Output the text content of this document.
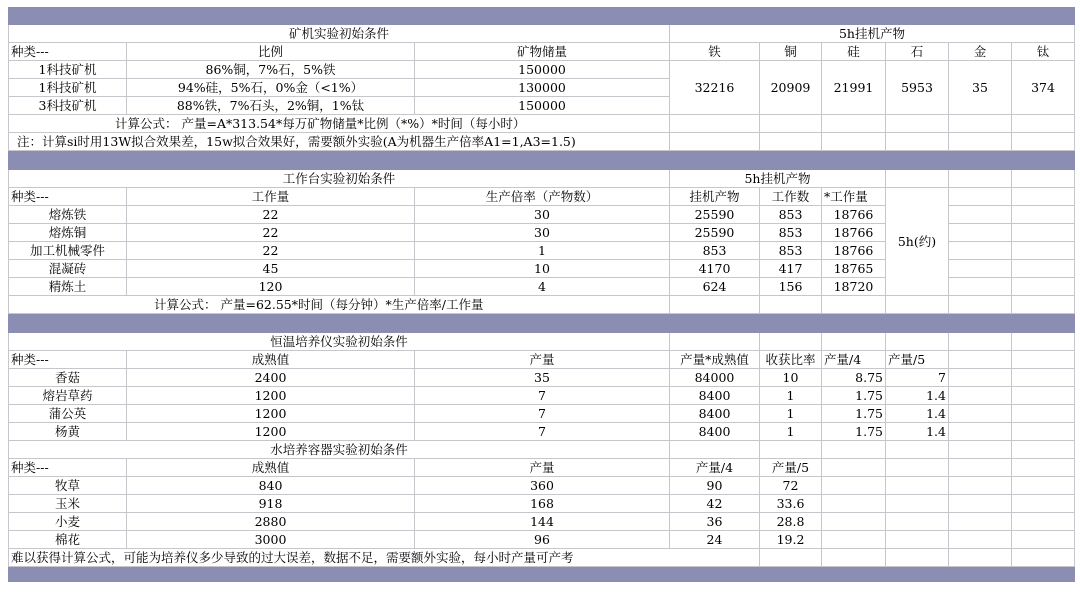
矿机实验初始条件			5h挂机产物					
种类---	比例	矿物储量	铁	铜	硅	石	金	钛
1科技矿机	86%铜，7%石，5%铁	150000	32216	20909	21991	5953	35	374
1科技矿机	94%硅，5%石，0%金（<1%）	130000						
3科技矿机	88%铁，7%石头，2%铜，1%钛	150000						
计算公式： 产量=A*313.54*每万矿物储量*比例（*%）*时间（每小时）								
注：计算si时用13W拟合效果差，15w拟合效果好，需要额外实验(A为机器生产倍率A1=1,A3=1.5)								

工作台实验初始条件			5h挂机产物					
种类---	工作量	生产倍率（产物数）	挂机产物	工作数	*工作量	5h(约)		
熔炼铁	22	30	25590	853	18766			
熔炼铜	22	30	25590	853	18766			
加工机械零件	22	1	853	853	18766			
混凝砖	45	10	4170	417	18765			
精炼土	120	4	624	156	18720			
计算公式： 产量=62.55*时间（每分钟）*生产倍率/工作量								

恒温培养仪实验初始条件								
种类---	成熟值	产量	产量*成熟值	收获比率	产量/4	产量/5		
香菇	2400	35	84000	10	8.75	7		
熔岩草药	1200	7	8400	1	1.75	1.4		
蒲公英	1200	7	8400	1	1.75	1.4		
杨黄	1200	7	8400	1	1.75	1.4		
水培养容器实验初始条件								
种类---	成熟值	产量	产量/4	产量/5				
牧草	840	360	90	72				
玉米	918	168	42	33.6				
小麦	2880	144	36	28.8				
棉花	3000	96	24	19.2				
难以获得计算公式，可能为培养仪多少导致的过大误差，数据不足，需要额外实验，每小时产量可产考								
